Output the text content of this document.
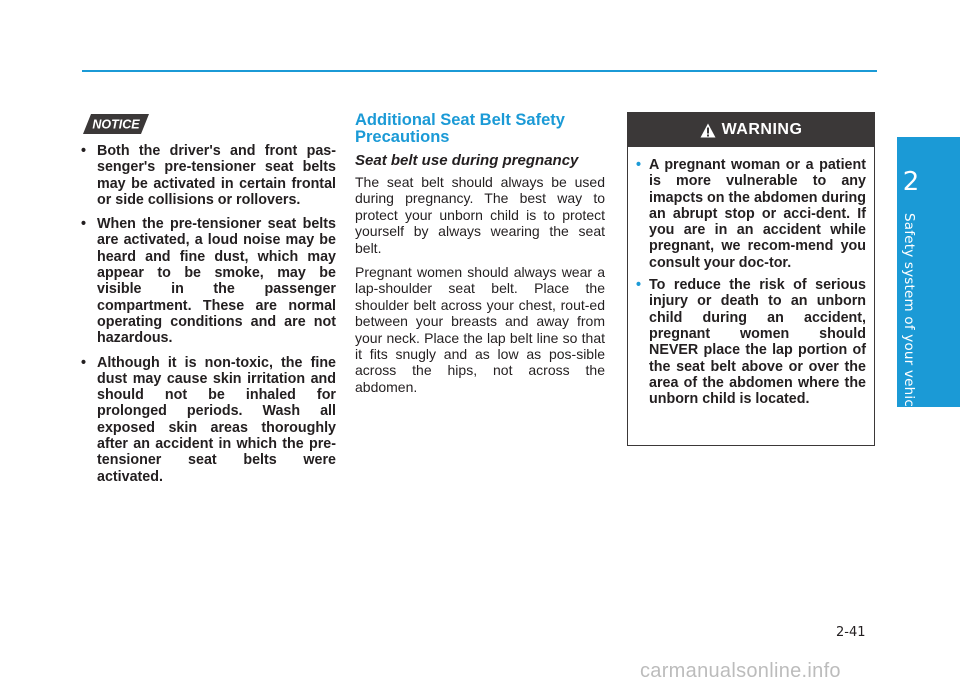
2
Safety system of your vehicle
NOTICE
• Both the driver's and front pas-senger's pre-tensioner seat belts may be activated in certain frontal or side collisions or rollovers.
• When the pre-tensioner seat belts are activated, a loud noise may be heard and fine dust, which may appear to be smoke, may be visible in the passenger compartment. These are normal operating conditions and are not hazardous.
• Although it is non-toxic, the fine dust may cause skin irritation and should not be inhaled for prolonged periods. Wash all exposed skin areas thoroughly after an accident in which the pre-tensioner seat belts were activated.
Additional Seat Belt Safety Precautions
Seat belt use during pregnancy

The seat belt should always be used during pregnancy. The best way to protect your unborn child is to protect yourself by always wearing the seat belt.

Pregnant women should always wear a lap-shoulder seat belt. Place the shoulder belt across your chest, rout-ed between your breasts and away from your neck. Place the lap belt line so that it fits snugly and as low as pos-sible across the hips, not across the abdomen.

WARNING
• A pregnant woman or a patient is more vulnerable to any imapcts on the abdomen during an abrupt stop or acci-dent. If you are in an accident while pregnant, we recom-mend you consult your doc-tor.
• To reduce the risk of serious injury or death to an unborn child during an accident, pregnant women should NEVER place the lap portion of the seat belt above or over the area of the abdomen where the unborn child is located.
2-41
carmanualsonline.info
